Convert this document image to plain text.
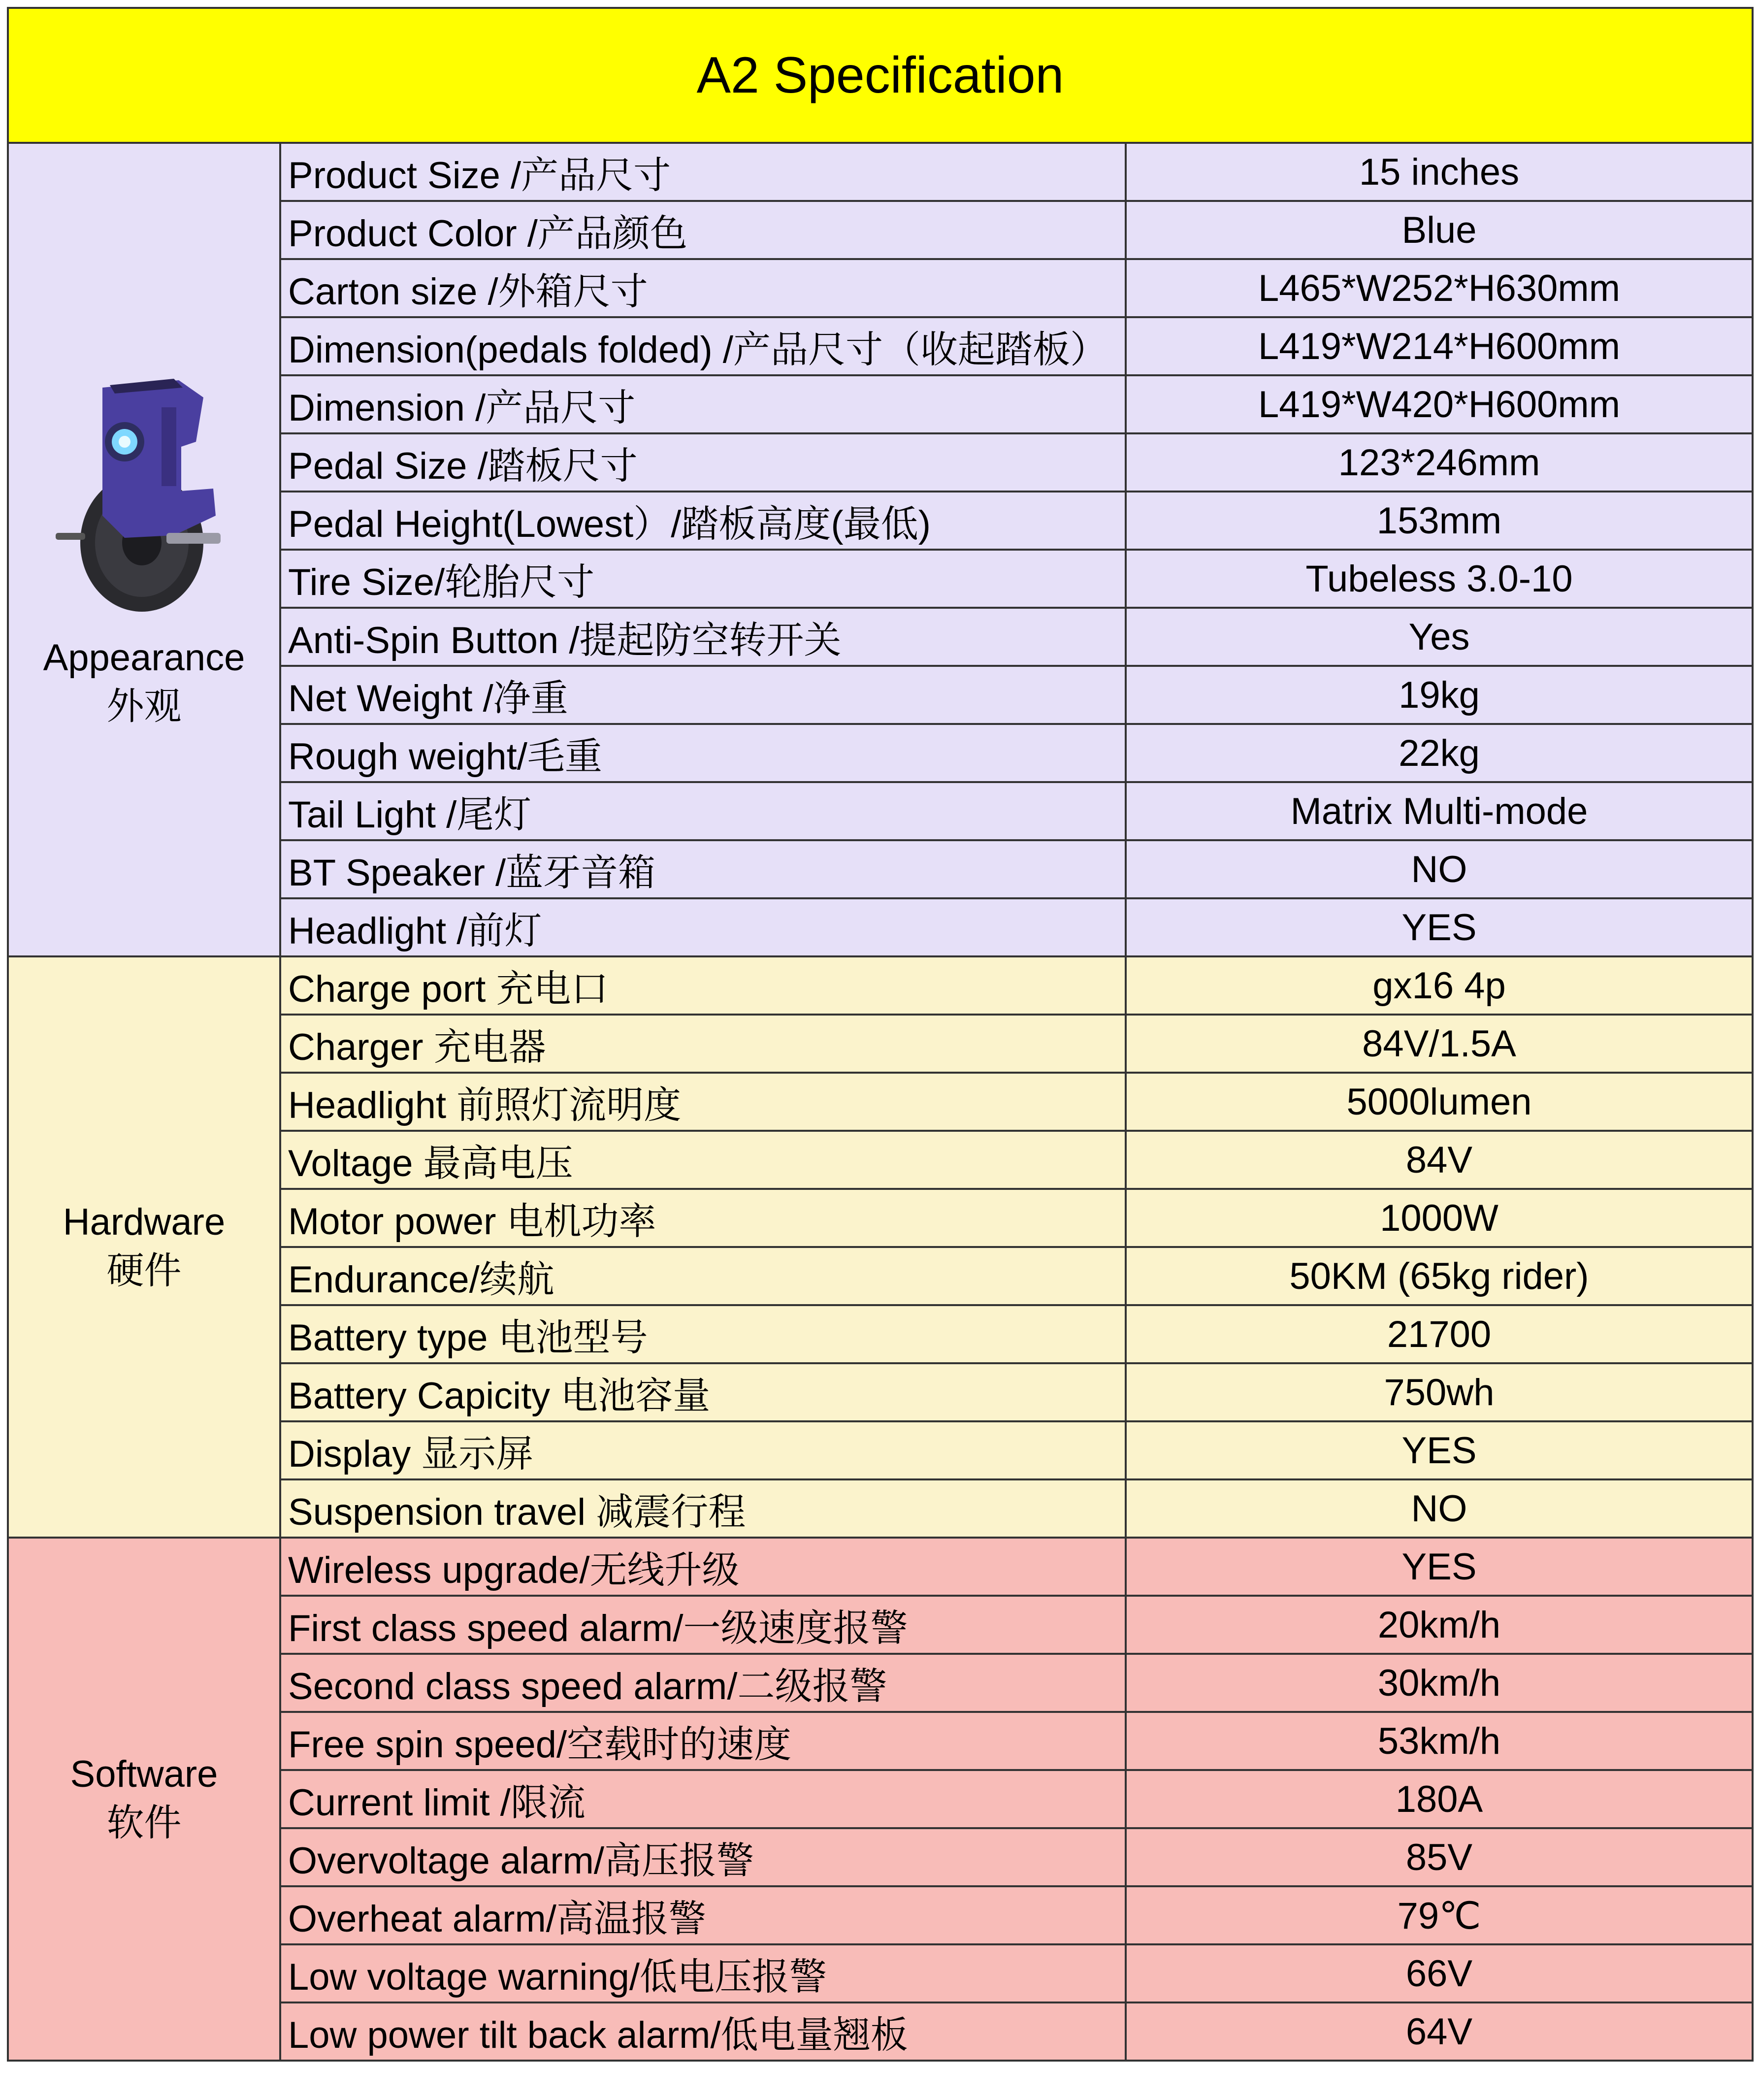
A2 Specification		

Appearance
外观	Product Size /产品尺寸	15 inches
	Product Color /产品颜色	Blue
	Carton size /外箱尺寸	L465*W252*H630mm
	Dimension(pedals folded) /产品尺寸（收起踏板）	L419*W214*H600mm
	Dimension /产品尺寸	L419*W420*H600mm
	Pedal Size /踏板尺寸	123*246mm
	Pedal Height(Lowest）/踏板高度(最低)	153mm
	Tire Size/轮胎尺寸	Tubeless 3.0-10
	Anti-Spin Button /提起防空转开关	Yes
	Net Weight /净重	19kg
	Rough weight/毛重	22kg
	Tail Light /尾灯	Matrix Multi-mode
	BT Speaker /蓝牙音箱	NO
	Headlight /前灯	YES

Hardware
硬件	Charge port 充电口	gx16 4p
	Charger 充电器	84V/1.5A
	Headlight 前照灯流明度	5000lumen
	Voltage 最高电压	84V
	Motor power 电机功率	1000W
	Endurance/续航	50KM (65kg rider)
	Battery type 电池型号	21700
	Battery Capicity 电池容量	750wh
	Display 显示屏	YES
	Suspension travel 减震行程	NO

Software
软件	Wireless upgrade/无线升级	YES
	First class speed alarm/一级速度报警	20km/h
	Second class speed alarm/二级报警	30km/h
	Free spin speed/空载时的速度	53km/h
	Current limit /限流	180A
	Overvoltage alarm/高压报警	85V
	Overheat alarm/高温报警	79℃
	Low voltage warning/低电压报警	66V
	Low power tilt back alarm/低电量翘板	64V
